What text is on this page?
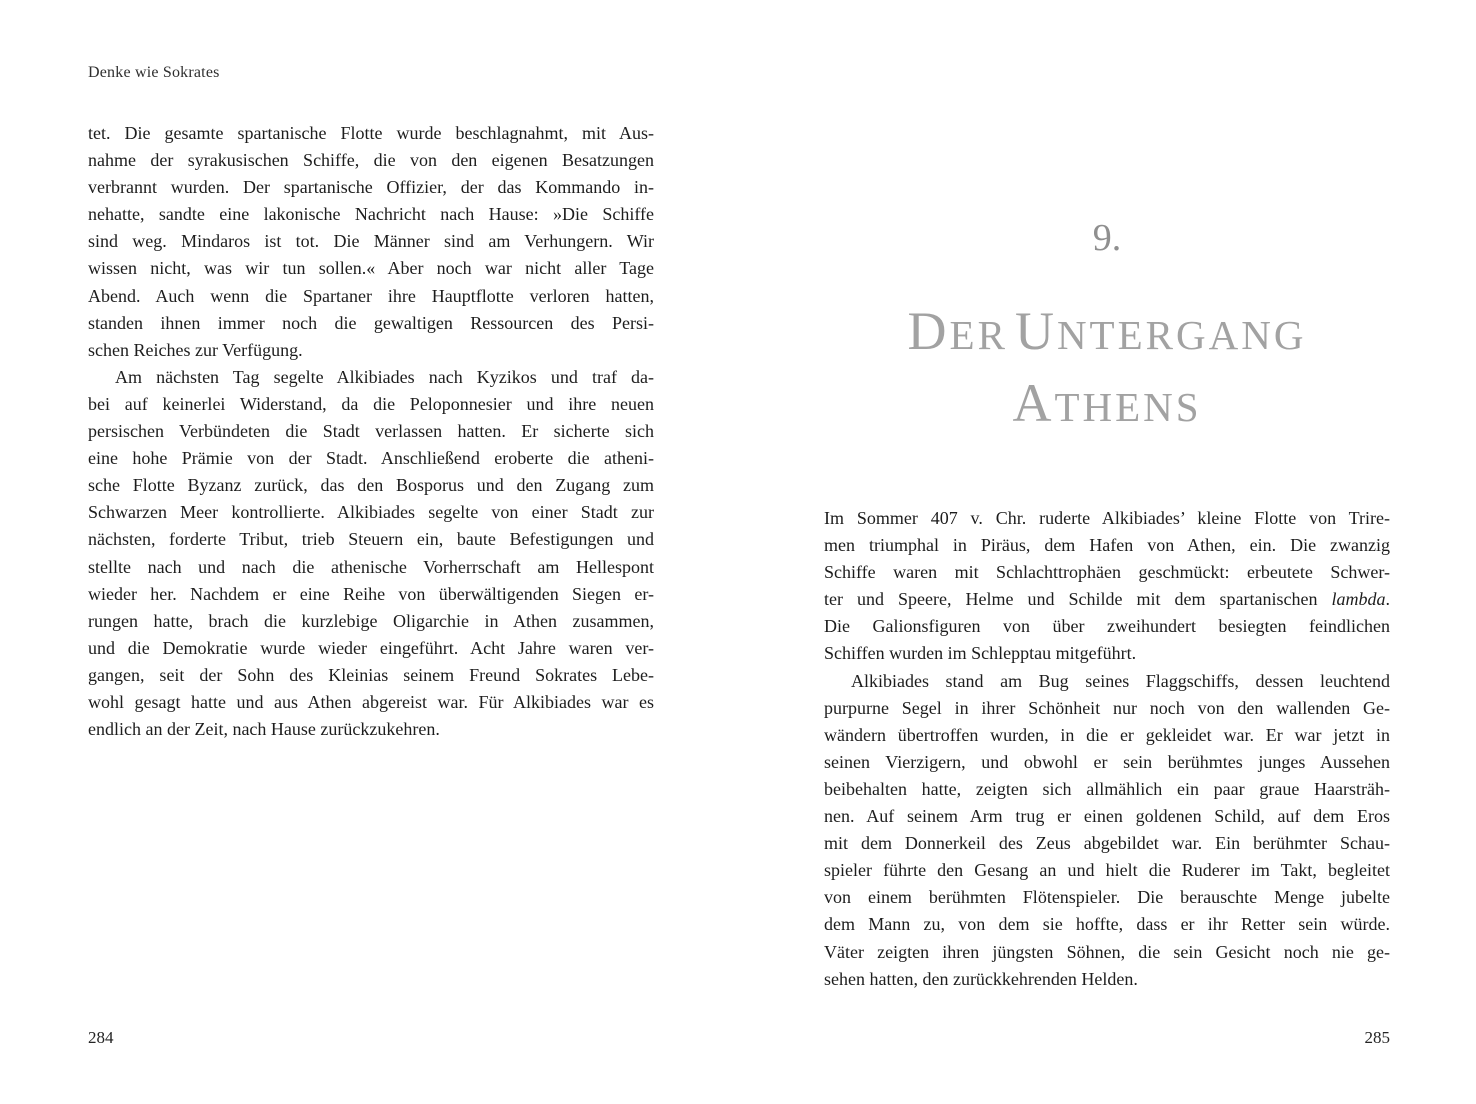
Denke wie Sokrates
tet. Die gesamte spartanische Flotte wurde beschlagnahmt, mit Aus-
nahme der syrakusischen Schiffe, die von den eigenen Besatzungen
verbrannt wurden. Der spartanische Offizier, der das Kommando in-
nehatte, sandte eine lakonische Nachricht nach Hause: »Die Schiffe
sind weg. Mindaros ist tot. Die Männer sind am Verhungern. Wir
wissen nicht, was wir tun sollen.« Aber noch war nicht aller Tage
Abend. Auch wenn die Spartaner ihre Hauptflotte verloren hatten,
standen ihnen immer noch die gewaltigen Ressourcen des Persi-
schen Reiches zur Verfügung.
Am nächsten Tag segelte Alkibiades nach Kyzikos und traf da-
bei auf keinerlei Widerstand, da die Peloponnesier und ihre neuen
persischen Verbündeten die Stadt verlassen hatten. Er sicherte sich
eine hohe Prämie von der Stadt. Anschließend eroberte die atheni-
sche Flotte Byzanz zurück, das den Bosporus und den Zugang zum
Schwarzen Meer kontrollierte. Alkibiades segelte von einer Stadt zur
nächsten, forderte Tribut, trieb Steuern ein, baute Befestigungen und
stellte nach und nach die athenische Vorherrschaft am Hellespont
wieder her. Nachdem er eine Reihe von überwältigenden Siegen er-
rungen hatte, brach die kurzlebige Oligarchie in Athen zusammen,
und die Demokratie wurde wieder eingeführt. Acht Jahre waren ver-
gangen, seit der Sohn des Kleinias seinem Freund Sokrates Lebe-
wohl gesagt hatte und aus Athen abgereist war. Für Alkibiades war es
endlich an der Zeit, nach Hause zurückzukehren.
284
9.
DER UNTERGANG
ATHENS
Im Sommer 407 v. Chr. ruderte Alkibiades’ kleine Flotte von Trire-
men triumphal in Piräus, dem Hafen von Athen, ein. Die zwanzig
Schiffe waren mit Schlachttrophäen geschmückt: erbeutete Schwer-
ter und Speere, Helme und Schilde mit dem spartanischen lambda.
Die Galionsfiguren von über zweihundert besiegten feindlichen
Schiffen wurden im Schlepptau mitgeführt.
Alkibiades stand am Bug seines Flaggschiffs, dessen leuchtend
purpurne Segel in ihrer Schönheit nur noch von den wallenden Ge-
wändern übertroffen wurden, in die er gekleidet war. Er war jetzt in
seinen Vierzigern, und obwohl er sein berühmtes junges Aussehen
beibehalten hatte, zeigten sich allmählich ein paar graue Haarsträh-
nen. Auf seinem Arm trug er einen goldenen Schild, auf dem Eros
mit dem Donnerkeil des Zeus abgebildet war. Ein berühmter Schau-
spieler führte den Gesang an und hielt die Ruderer im Takt, begleitet
von einem berühmten Flötenspieler. Die berauschte Menge jubelte
dem Mann zu, von dem sie hoffte, dass er ihr Retter sein würde.
Väter zeigten ihren jüngsten Söhnen, die sein Gesicht noch nie ge-
sehen hatten, den zurückkehrenden Helden.
285
